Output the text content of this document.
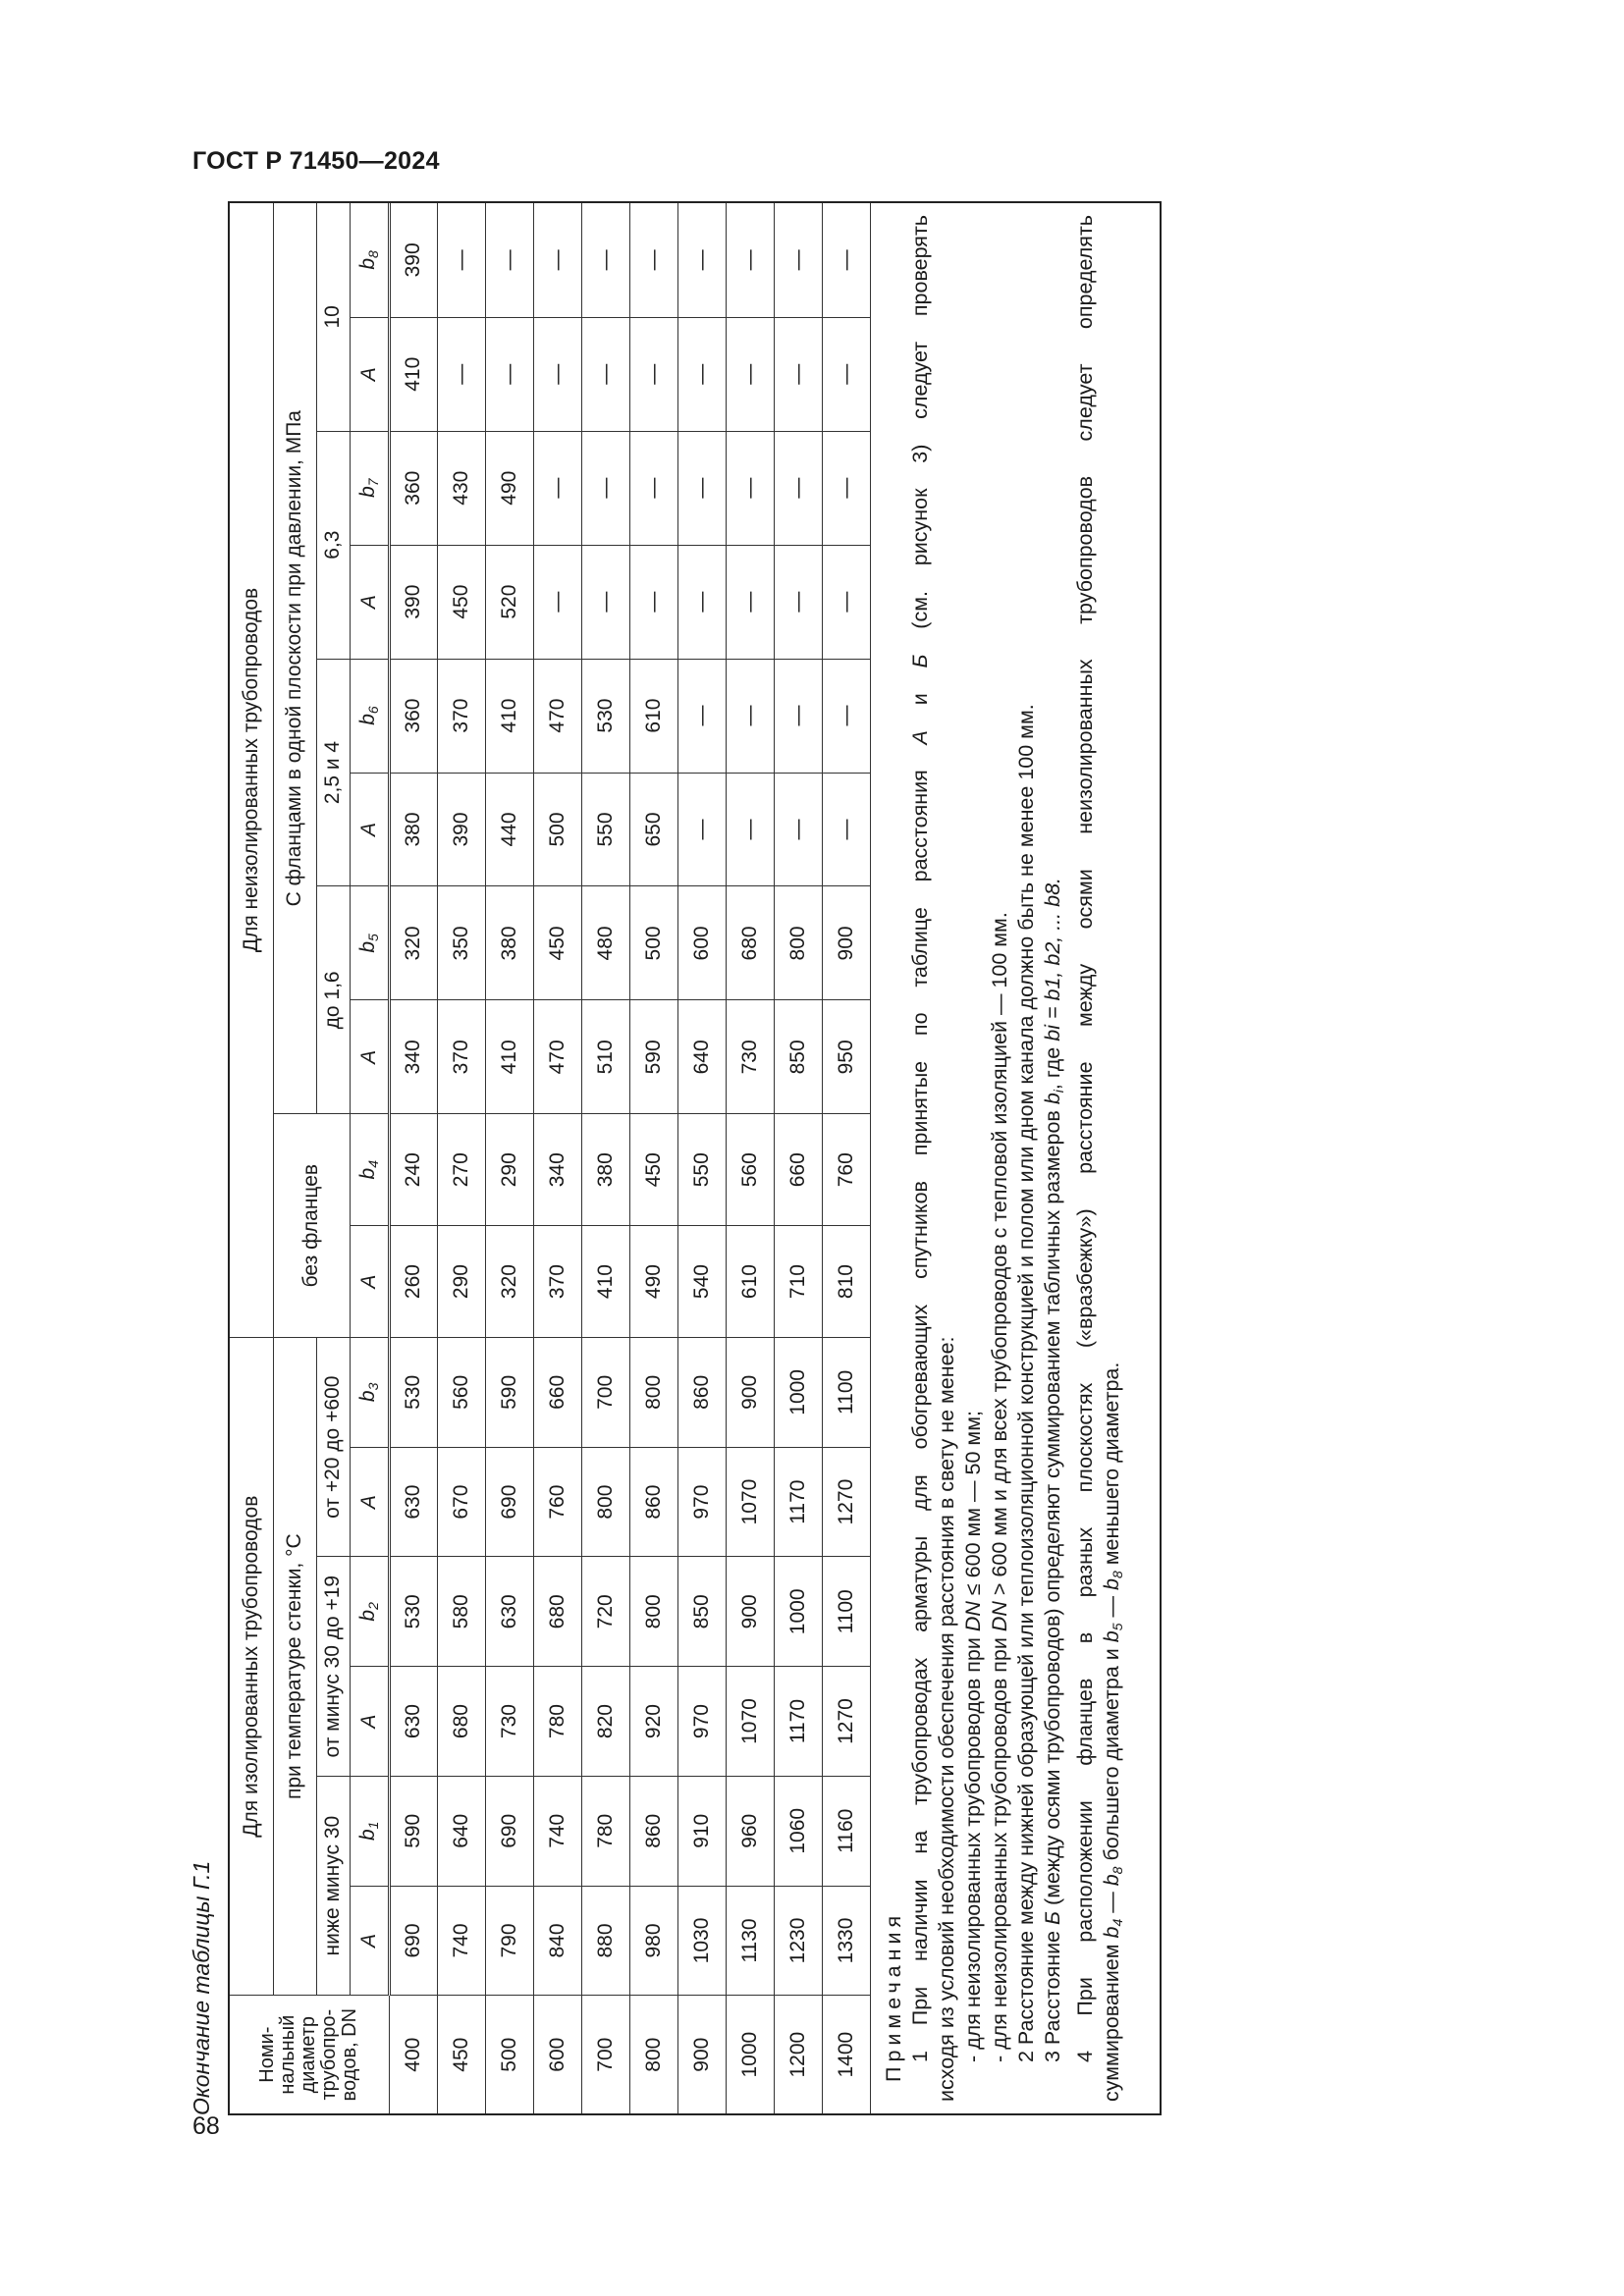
ГОСТ Р 71450—2024
68
Окончание таблицы Г.1	Номи-
нальный
диаметр
трубопро-
водов, DN	Для изолированных трубопроводов						Для неизолированных трубопроводов									
	при температуре стенки, °С						без фланцев		С фланцами в одной плоскости при давлении, МПа							
	ниже минус 30		от минус 30 до +19		от +20 до +600				до 1,6		2,5 и 4		6,3		10	
	А	$b_1$	А	$b_2$	А	$b_3$	А	$b_4$	А	$b_5$	А	$b_6$	А	$b_7$	А	$b_8$
400	690	590	630	530	630	530	260	240	340	320	380	360	390	360	410	390
450	740	640	680	580	670	560	290	270	370	350	390	370	450	430	—	—
500	790	690	730	630	690	590	320	290	410	380	440	410	520	490	—	—
600	840	740	780	680	760	660	370	340	470	450	500	470	—	—	—	—
700	880	780	820	720	800	700	410	380	510	480	550	530	—	—	—	—
800	980	860	920	800	860	800	490	450	590	500	650	610	—	—	—	—
900	1030	910	970	850	970	860	540	550	640	600	—	—	—	—	—	—
1000	1130	960	1070	900	1070	900	610	560	730	680	—	—	—	—	—	—
1200	1230	1060	1170	1000	1170	1000	710	660	850	800	—	—	—	—	—	—
1400	1330	1160	1270	1100	1270	1100	810	760	950	900	—	—	—	—	—	—

Примечания 1 При наличии на трубопроводах арматуры для обогревающих спутников принятые по таблице расстояния А и Б (см. рисунок 3) следует проверять

исходя из условий необходимости обеспечения расстояния в свету не менее: - для неизолированных трубопроводов при DN ≤ 600 мм — 50 мм;

- для неизолированных трубопроводов при DN > 600 мм и для всех трубопроводов с тепловой изоляцией — 100 мм. 2 Расстояние между нижней образующей или теплоизоляционной конструкцией и полом или дном канала должно быть не менее 100 мм. 3 Расстояние Б (между осями трубопроводов) определяют суммированием табличных размеров $b_i$, где bi = b1, b2, ... b8. 4 При расположении фланцев в разных плоскостях («вразбежку») расстояние между осями неизолированных трубопроводов следует определять суммированием $b_4$ — $b_8$ большего диаметра и $b_5$ — $b_8$ меньшего диаметра.
